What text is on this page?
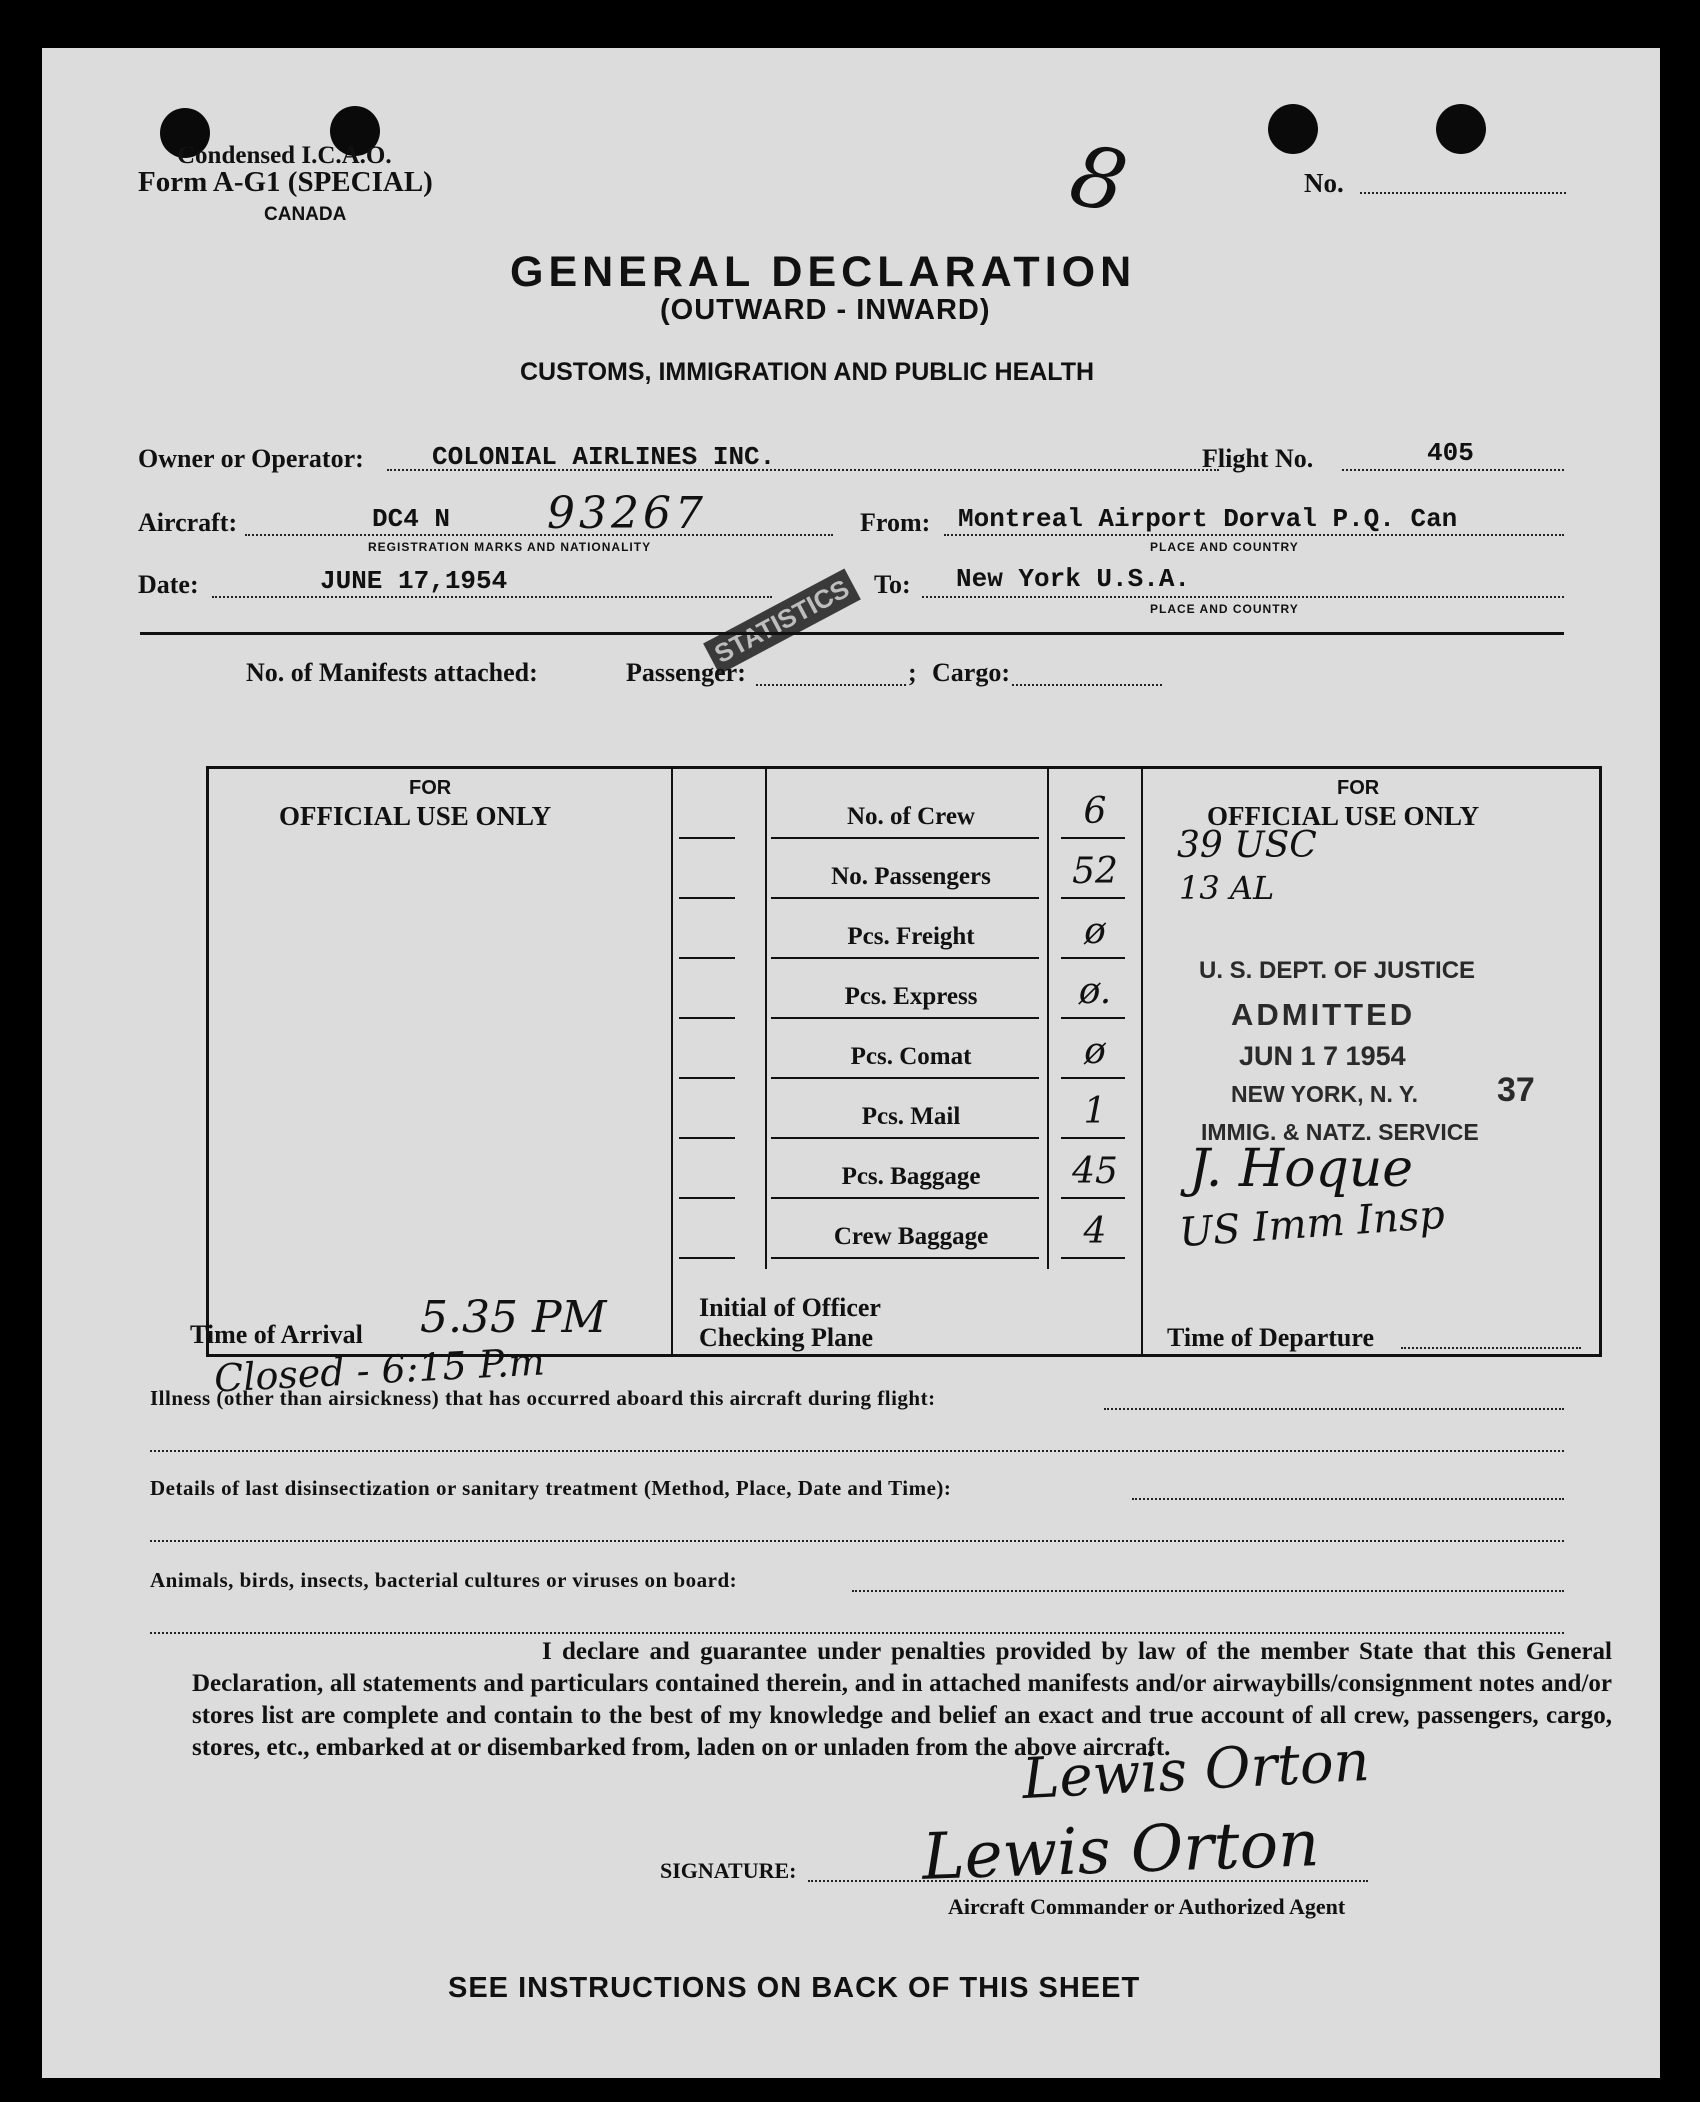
Condensed I.C.A.O.
Form A-G1 (SPECIAL)
CANADA	8	No.
GENERAL DECLARATION
(OUTWARD - INWARD)
CUSTOMS, IMMIGRATION AND PUBLIC HEALTH
Owner or Operator:	COLONIAL AIRLINES INC.	Flight No.	405
Aircraft:	DC4 N 93267
REGISTRATION MARKS AND NATIONALITY
From: Montreal Airport Dorval P.Q. Can
PLACE AND COUNTRY
Date:	JUNE 17,1954	To: New York U.S.A.
PLACE AND COUNTRY
STATISTICS
No. of Manifests attached:	Passenger:	; Cargo:
FOR
OFFICIAL USE ONLY
FOR
OFFICIAL USE ONLY
No. of Crew	6
No. Passengers	52
Pcs. Freight	ø
Pcs. Express	ø.
Pcs. Comat	ø
Pcs. Mail	1
Pcs. Baggage	45
Crew Baggage	4
39 USC
13 AL
U. S. DEPT. OF JUSTICE
ADMITTED
JUN 1 7 1954
NEW YORK, N. Y. 37
IMMIG. & NATZ. SERVICE
J. Hoque
US Imm Insp
Initial of Officer
Checking Plane	Time of Departure
Time of Arrival 5.35 PM
Closed - 6:15 P.m
Illness (other than airsickness) that has occurred aboard this aircraft during flight:
Details of last disinsectization or sanitary treatment (Method, Place, Date and Time):
Animals, birds, insects, bacterial cultures or viruses on board:
I declare and guarantee under penalties provided by law of the member State that this General Declaration, all statements and particulars contained therein, and in attached manifests and/or airwaybills/consignment notes and/or stores list are complete and contain to the best of my knowledge and belief an exact and true account of all crew, passengers, cargo, stores, etc., embarked at or disembarked from, laden on or unladen from the above aircraft.
Lewis Orton
Lewis Orton
SIGNATURE:
Aircraft Commander or Authorized Agent
SEE INSTRUCTIONS ON BACK OF THIS SHEET
